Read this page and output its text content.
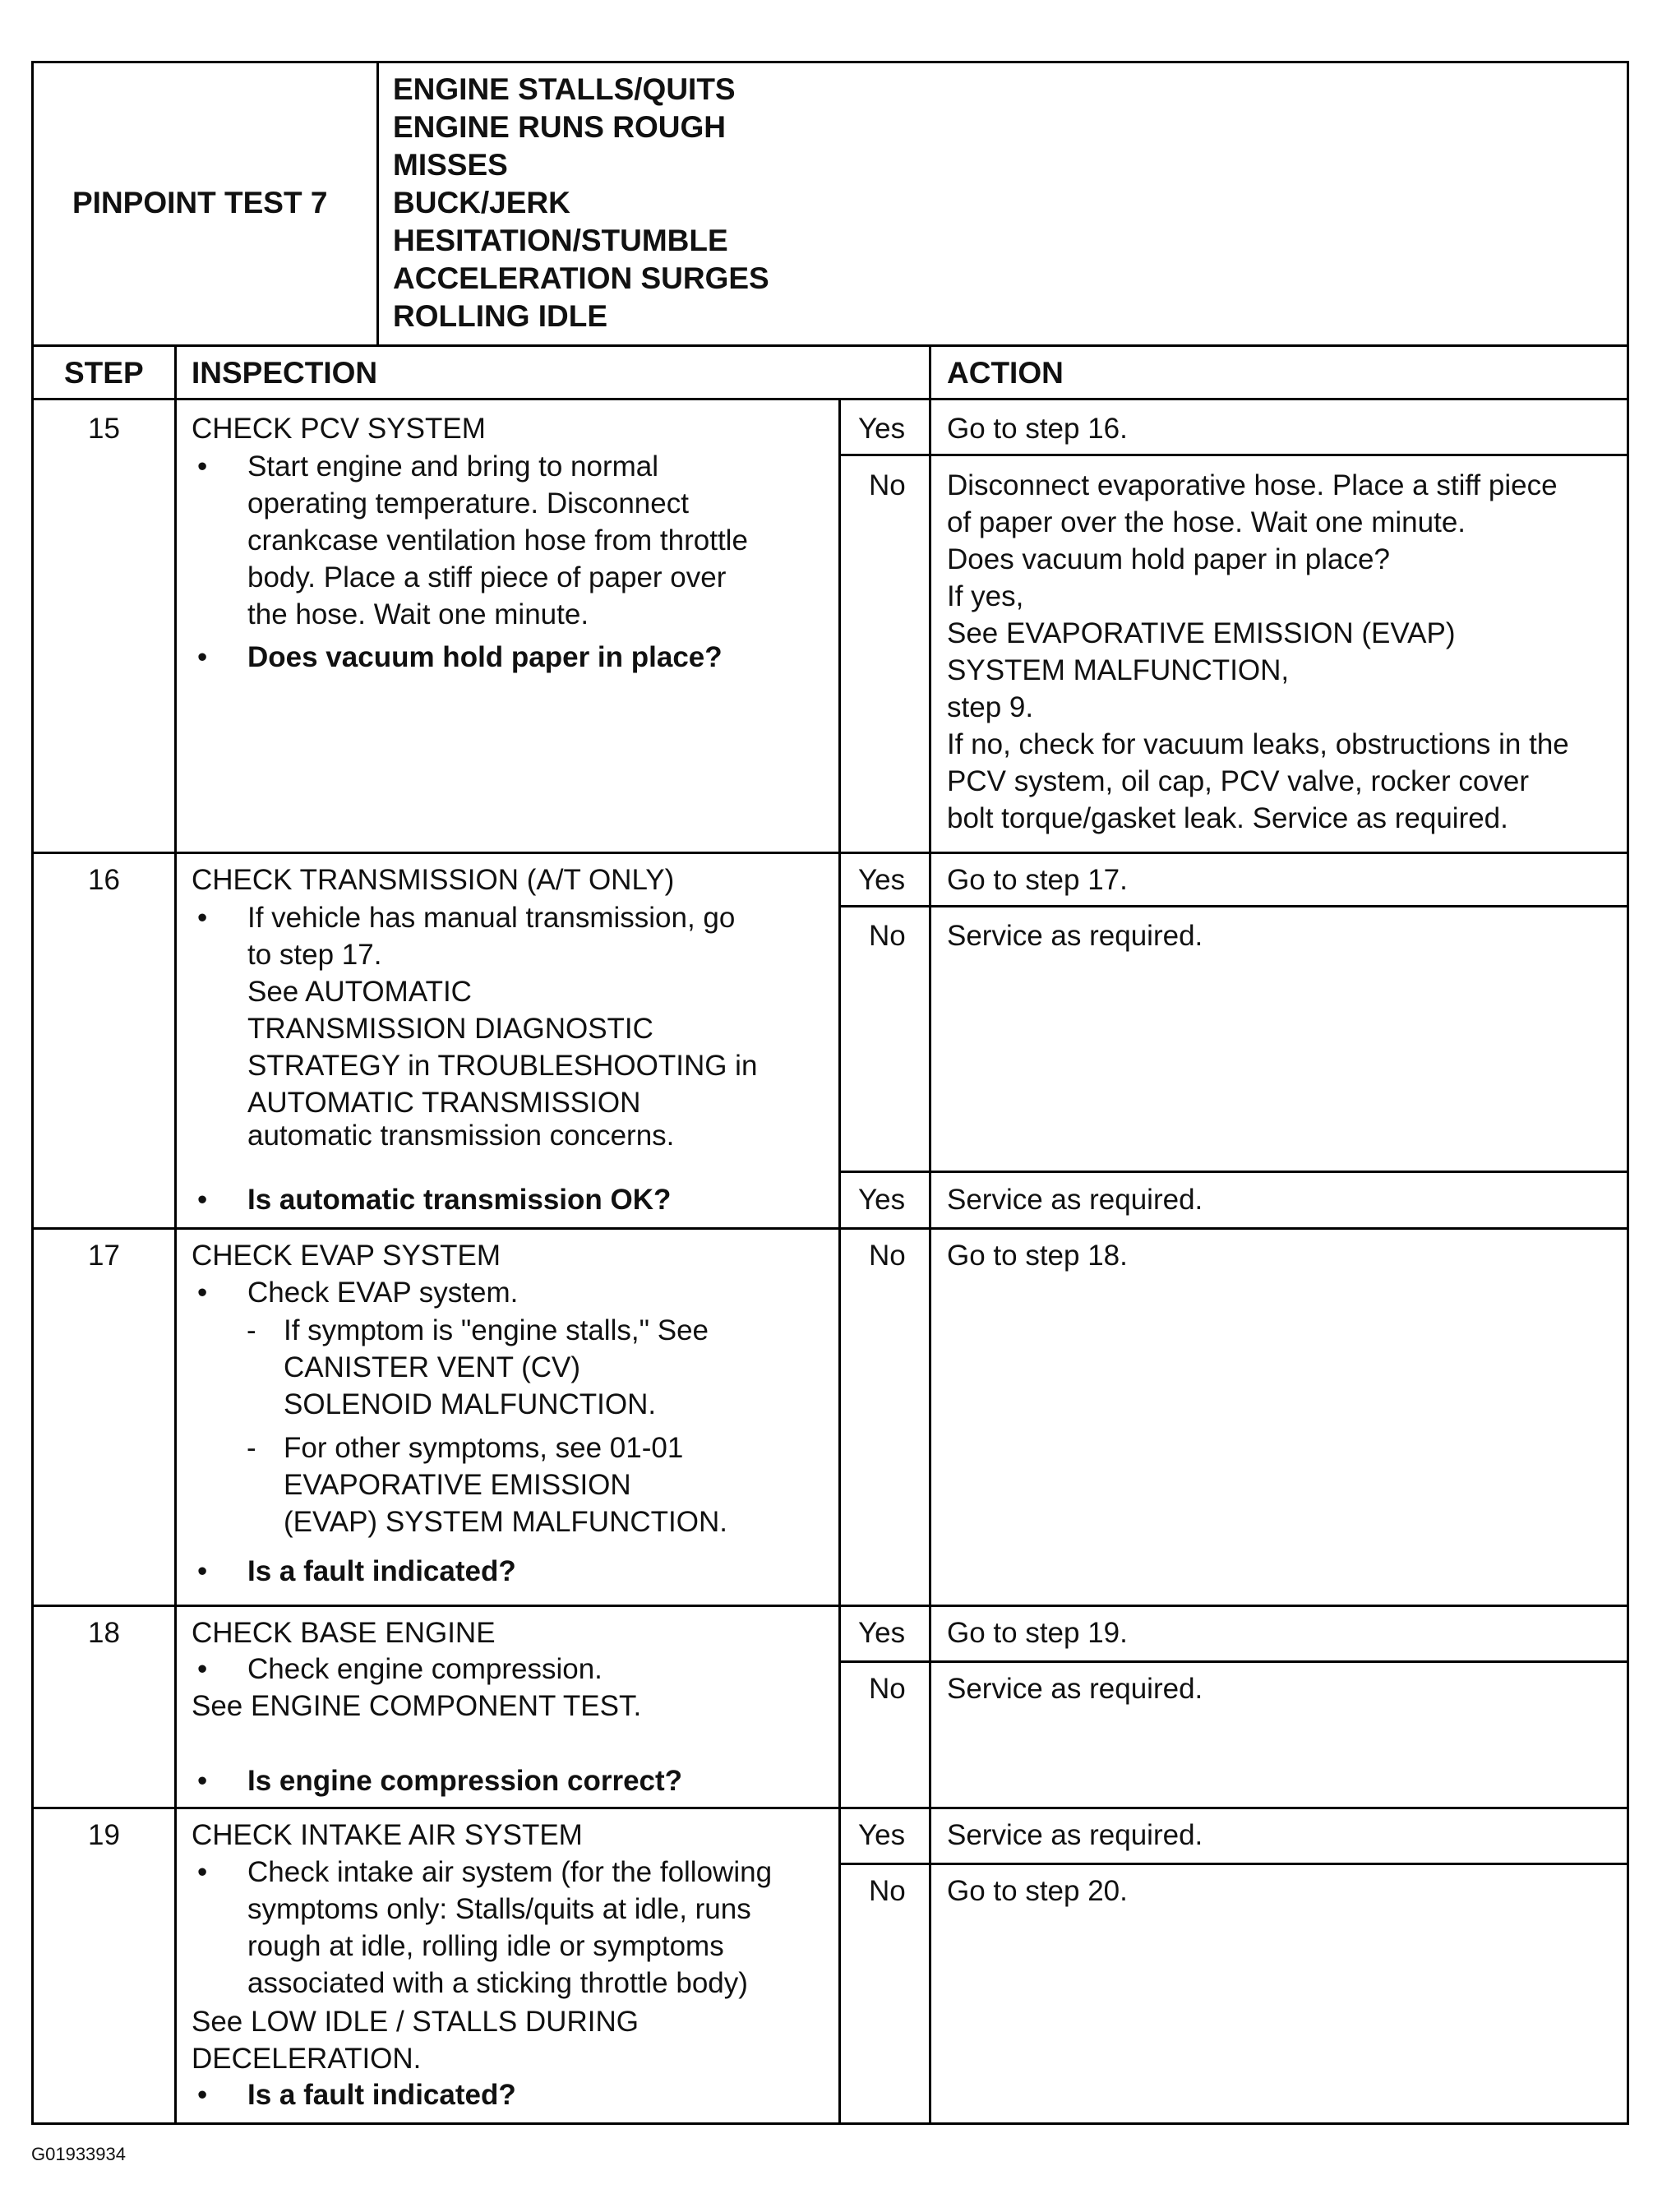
PINPOINT TEST 7
ENGINE STALLS/QUITS
ENGINE RUNS ROUGH
MISSES
BUCK/JERK
HESITATION/STUMBLE
ACCELERATION SURGES
ROLLING IDLE
STEP INSPECTION	ACTION
15 CHECK PCV SYSTEM
• Start engine and bring to normal
operating temperature. Disconnect
crankcase ventilation hose from throttle
body. Place a stiff piece of paper over
the hose. Wait one minute.
• Does vacuum hold paper in place?
Yes Go to step 16.
No Disconnect evaporative hose. Place a stiff piece
of paper over the hose. Wait one minute.
Does vacuum hold paper in place?
If yes,
See EVAPORATIVE EMISSION (EVAP)
SYSTEM MALFUNCTION,
step 9.
If no, check for vacuum leaks, obstructions in the
PCV system, oil cap, PCV valve, rocker cover
bolt torque/gasket leak. Service as required.
16 CHECK TRANSMISSION (A/T ONLY)
• If vehicle has manual transmission, go
to step 17.
See AUTOMATIC
TRANSMISSION DIAGNOSTIC
STRATEGY in TROUBLESHOOTING in
AUTOMATIC TRANSMISSION
automatic transmission concerns.
• Is automatic transmission OK?
Yes Go to step 17.
No Service as required.
Yes Service as required.
17 CHECK EVAP SYSTEM
• Check EVAP system.
- If symptom is "engine stalls," See
CANISTER VENT (CV)
SOLENOID MALFUNCTION.
- For other symptoms, see 01-01
EVAPORATIVE EMISSION
(EVAP) SYSTEM MALFUNCTION.
• Is a fault indicated?
No Go to step 18.
18 CHECK BASE ENGINE
• Check engine compression.
See ENGINE COMPONENT TEST.
• Is engine compression correct?
Yes Go to step 19.
No Service as required.
19 CHECK INTAKE AIR SYSTEM
• Check intake air system (for the following
symptoms only: Stalls/quits at idle, runs
rough at idle, rolling idle or symptoms
associated with a sticking throttle body)
See LOW IDLE / STALLS DURING
DECELERATION.
• Is a fault indicated?
Yes Service as required.
No Go to step 20.
G01933934
